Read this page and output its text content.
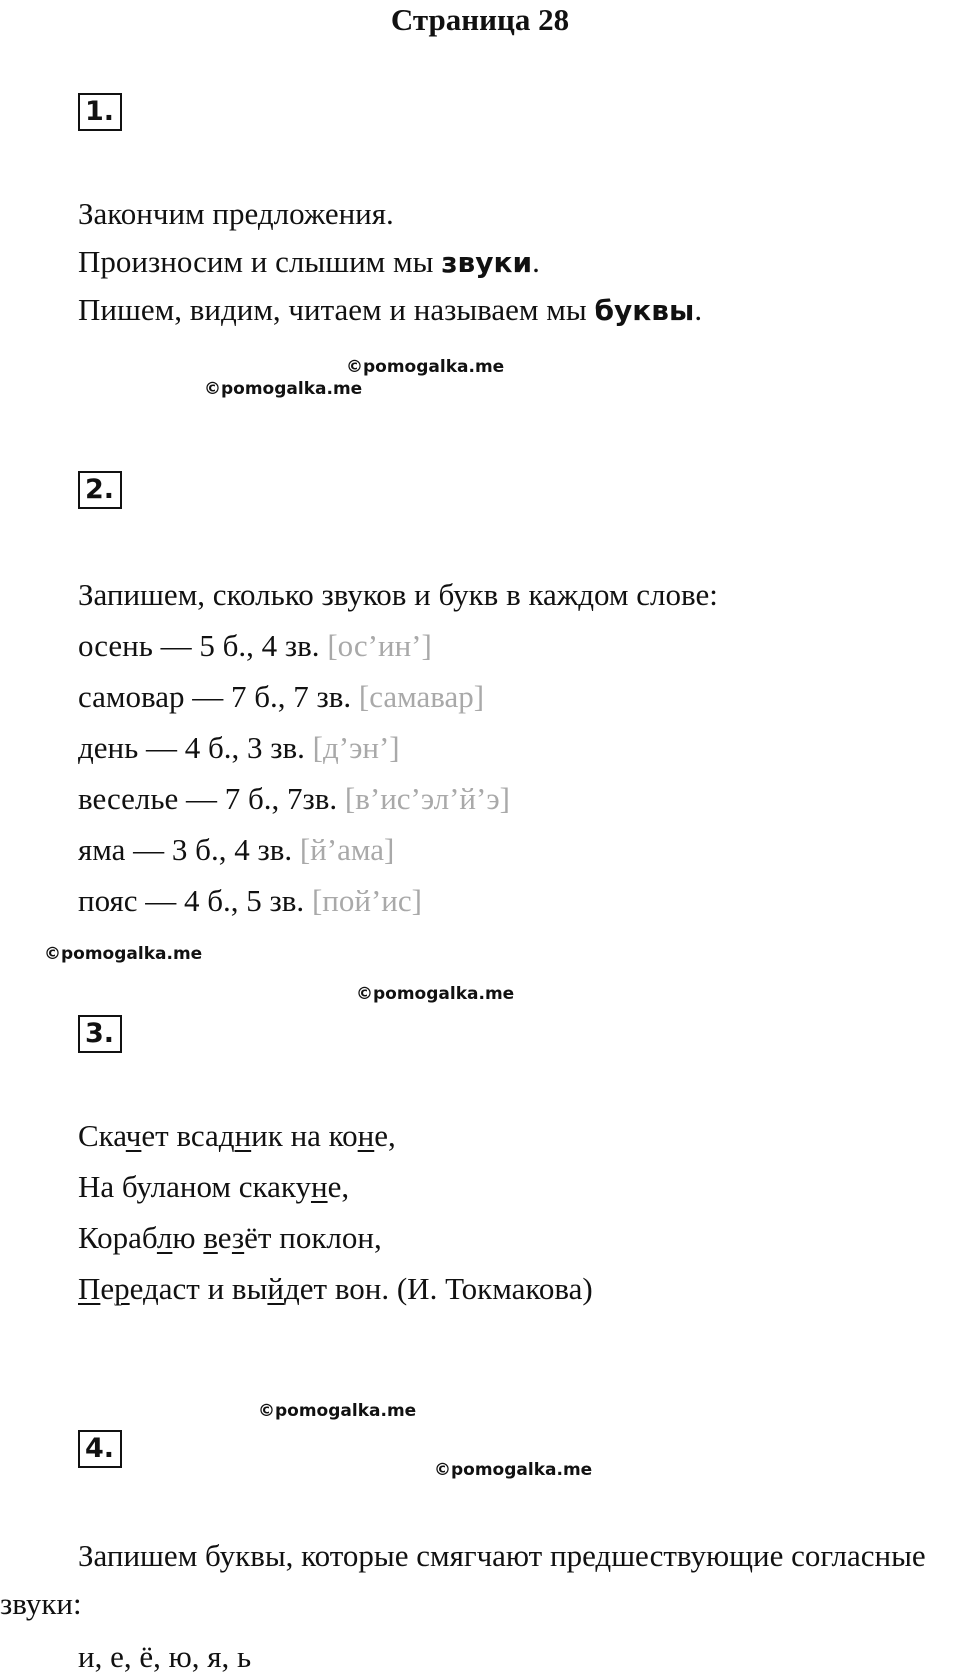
Страница 28
1.
Закончим предложения.
Произносим и слышим мы звуки.
Пишем, видим, читаем и называем мы буквы.
©pomogalka.me
©pomogalka.me
2.
Запишем, сколько звуков и букв в каждом слове:
осень — 5 б., 4 зв. [ос’ин’]
самовар — 7 б., 7 зв. [самавар]
день — 4 б., 3 зв. [д’эн’]
веселье — 7 б., 7зв. [в’ис’эл’й’э]
яма — 3 б., 4 зв. [й’ама]
пояс — 4 б., 5 зв. [пой’ис]
©pomogalka.me
©pomogalka.me
3.
Скачет всадник на коне,
На буланом скакуне,
Кораблю везёт поклон,
Передаст и выйдет вон. (И. Токмакова)
©pomogalka.me
©pomogalka.me
4.

Запишем буквы, которые смягчают предшествующие согласные звуки:

и, е, ё, ю, я, ь
